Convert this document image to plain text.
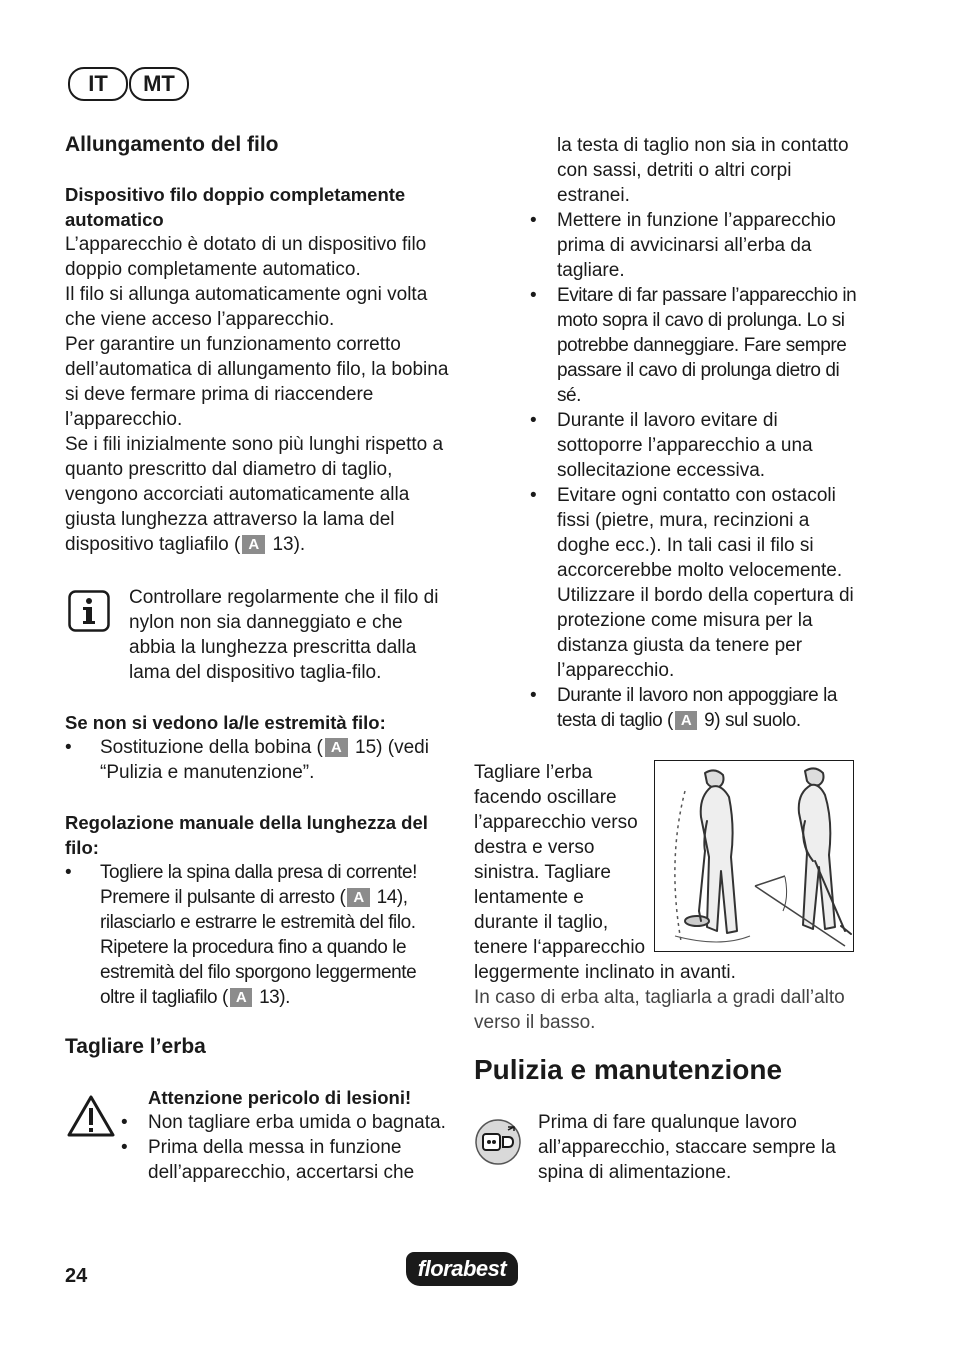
IT	MT
Allungamento del filo
Dispositivo filo doppio completamente automatico
L’apparecchio è dotato di un dispositivo filo doppio completamente automatico.
Il filo si allunga automaticamente ogni volta che viene acceso l’apparecchio.
Per garantire un funzionamento corretto dell’automatica di allungamento filo, la bobina si deve fermare prima di riaccendere l’apparecchio.
Se i fili inizialmente sono più lunghi rispetto a quanto prescritto dal diametro di taglio, vengono accorciati automaticamente alla giusta lunghezza attraverso la lama del dispositivo tagliafilo ( A 13).
Controllare regolarmente che il filo di nylon non sia danneggiato e che abbia la lunghezza prescritta dalla lama del dispositivo taglia-filo.
Se non si vedono la/le estremità filo:
• Sostituzione della bobina ( A 15) (vedi “Pulizia e manutenzione”.
Regolazione manuale della lunghezza del filo:
• Togliere la spina dalla presa di corrente! Premere il pulsante di arresto ( A 14), rilasciarlo e estrarre le estremità del filo. Ripetere la procedura fino a quando le estremità del filo sporgono leggermente oltre il tagliafilo ( A 13).
Tagliare l’erba
Attenzione pericolo di lesioni!
• Non tagliare erba umida o bagnata.
• Prima della messa in funzione dell’apparecchio, accertarsi che
la testa di taglio non sia in contatto con sassi, detriti o altri corpi estranei.
• Mettere in funzione l’apparecchio prima di avvicinarsi all’erba da tagliare.
• Evitare di far passare l’apparecchio in moto sopra il cavo di prolunga. Lo si potrebbe danneggiare. Fare sempre passare il cavo di prolunga dietro di sé.
• Durante il lavoro evitare di sottoporre l’apparecchio a una sollecitazione eccessiva.
• Evitare ogni contatto con ostacoli fissi (pietre, mura, recinzioni a doghe ecc.). In tali casi il filo si accorcerebbe molto velocemente. Utilizzare il bordo della copertura di protezione come misura per la distanza giusta da tenere per l’apparecchio.
• Durante il lavoro non appoggiare la testa di taglio ( A 9) sul suolo.
Tagliare l’erba facendo oscillare l’apparecchio verso destra e verso sinistra. Tagliare lentamente e durante il taglio, tenere l‘apparecchio
leggermente inclinato in avanti.
In caso di erba alta, tagliarla a gradi dall’alto verso il basso.
Pulizia e manutenzione
Prima di fare qualunque lavoro all’apparecchio, staccare sempre la spina di alimentazione.
24	florabest
